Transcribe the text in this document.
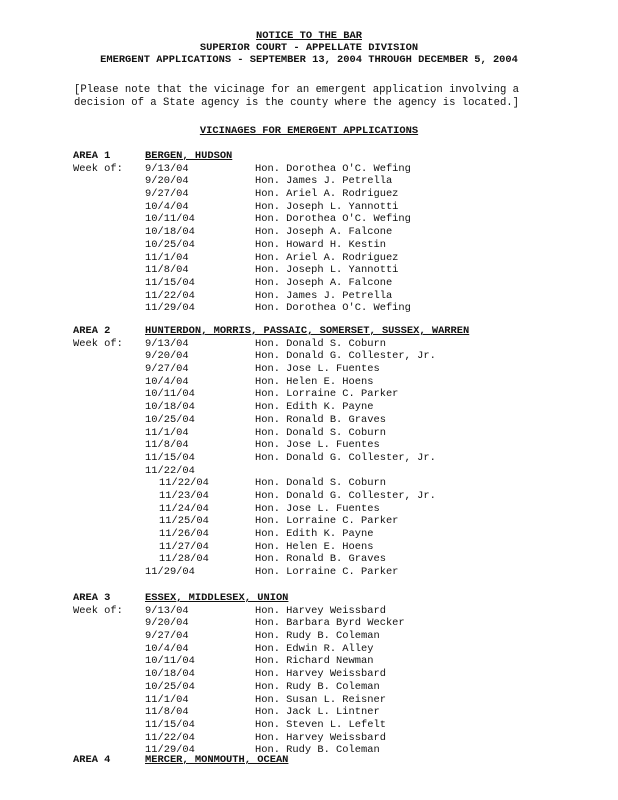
NOTICE TO THE BAR
SUPERIOR COURT - APPELLATE DIVISION
EMERGENT APPLICATIONS - SEPTEMBER 13, 2004 THROUGH DECEMBER 5, 2004
[Please note that the vicinage for an emergent application involving a
decision of a State agency is the county where the agency is located.]
VICINAGES FOR EMERGENT APPLICATIONS
AREA 1	BERGEN, HUDSON
Week of: 9/13/04	Hon. Dorothea O'C. Wefing
9/20/04	Hon. James J. Petrella
9/27/04	Hon. Ariel A. Rodriguez
10/4/04	Hon. Joseph L. Yannotti
10/11/04	Hon. Dorothea O'C. Wefing
10/18/04	Hon. Joseph A. Falcone
10/25/04	Hon. Howard H. Kestin
11/1/04	Hon. Ariel A. Rodriguez
11/8/04	Hon. Joseph L. Yannotti
11/15/04	Hon. Joseph A. Falcone
11/22/04	Hon. James J. Petrella
11/29/04	Hon. Dorothea O'C. Wefing
AREA 2	HUNTERDON, MORRIS, PASSAIC, SOMERSET, SUSSEX, WARREN
Week of: 9/13/04	Hon. Donald S. Coburn
9/20/04	Hon. Donald G. Collester, Jr.
9/27/04	Hon. Jose L. Fuentes
10/4/04	Hon. Helen E. Hoens
10/11/04	Hon. Lorraine C. Parker
10/18/04	Hon. Edith K. Payne
10/25/04	Hon. Ronald B. Graves
11/1/04	Hon. Donald S. Coburn
11/8/04	Hon. Jose L. Fuentes
11/15/04	Hon. Donald G. Collester, Jr.
11/22/04
11/22/04	Hon. Donald S. Coburn
11/23/04	Hon. Donald G. Collester, Jr.
11/24/04	Hon. Jose L. Fuentes
11/25/04	Hon. Lorraine C. Parker
11/26/04	Hon. Edith K. Payne
11/27/04	Hon. Helen E. Hoens
11/28/04	Hon. Ronald B. Graves
11/29/04	Hon. Lorraine C. Parker
AREA 3	ESSEX, MIDDLESEX, UNION
Week of: 9/13/04	Hon. Harvey Weissbard
9/20/04	Hon. Barbara Byrd Wecker
9/27/04	Hon. Rudy B. Coleman
10/4/04	Hon. Edwin R. Alley
10/11/04	Hon. Richard Newman
10/18/04	Hon. Harvey Weissbard
10/25/04	Hon. Rudy B. Coleman
11/1/04	Hon. Susan L. Reisner
11/8/04	Hon. Jack L. Lintner
11/15/04	Hon. Steven L. Lefelt
11/22/04	Hon. Harvey Weissbard
11/29/04	Hon. Rudy B. Coleman
AREA 4	MERCER, MONMOUTH, OCEAN
